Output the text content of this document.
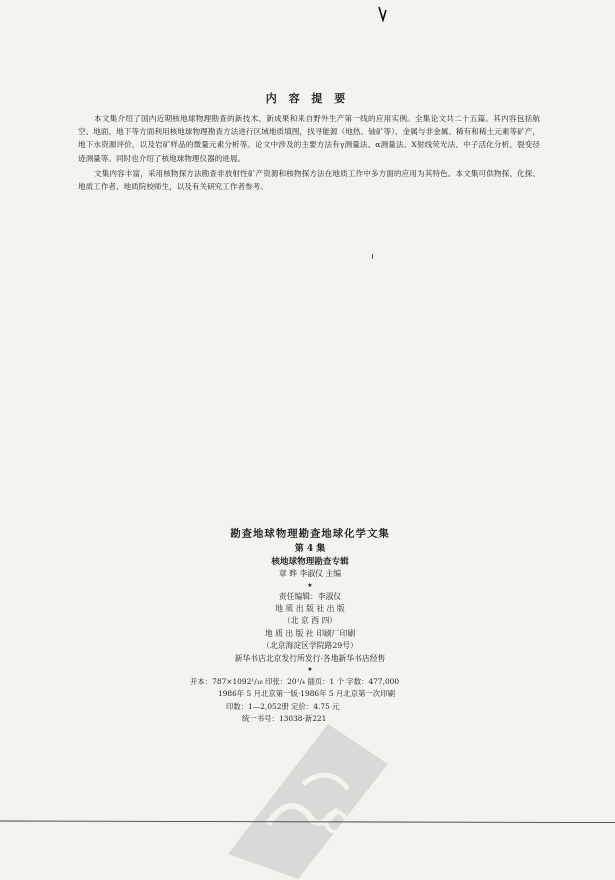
内 容 提 要

本文集介绍了国内近期核地球物理勘查的新技术、新成果和来自野外生产第一线的应用实例。全集论文共二十五篇。其内容包括航空、地面、地下等方面利用核地球物理勘查方法进行区域地质填图，找寻能源（地热、铀矿等）、金属与非金属、稀有和稀土元素等矿产，地下水资源评价，以及岩矿样品的微量元素分析等。论文中涉及的主要方法有γ测量法、α测量法、X射线荧光法、中子活化分析、裂变径迹测量等。同时也介绍了核地球物理仪器的进展。

文集内容丰富，采用核物探方法勘查非放射性矿产资源和核物探方法在地质工作中多方面的应用为其特色。本文集可供物探、化探、地质工作者、地质院校师生，以及有关研究工作者参考。

勘查地球物理勘查地球化学文集
第 4 集
核地球物理勘查专辑
章 晔 李淑仪 主编
★
责任编辑：李淑仪
地 质 出 版 社 出 版
（北 京 西 四）
地 质 出 版 社 印刷厂印刷
（北京海淀区学院路29号）
新华书店北京发行所发行·各地新华书店经售
★
开本：787×1092¹/₁₆ 印张：20¹/₄ 插页：1 个 字数：477,000
1986年 5 月北京第一版·1986年 5 月北京第一次印刷
印数：1—2,052册 定价：4.75 元
统一书号：13038·新221
